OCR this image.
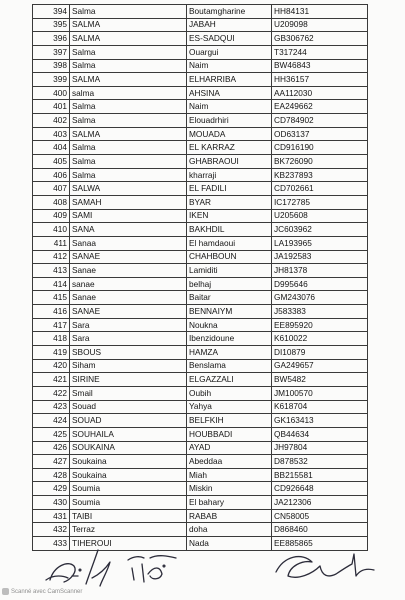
394	Salma	Boutamgharine	HH84131
395	SALMA	JABAH	U209098
396	SALMA	ES-SADQUI	GB306762
397	Salma	Ouargui	T317244
398	Salma	Naim	BW46843
399	SALMA	ELHARRIBA	HH36157
400	salma	AHSINA	AA112030
401	Salma	Naim	EA249662
402	Salma	Elouadrhiri	CD784902
403	SALMA	MOUADA	OD63137
404	Salma	EL KARRAZ	CD916190
405	Salma	GHABRAOUI	BK726090
406	Salma	kharraji	KB237893
407	SALWA	EL FADILI	CD702661
408	SAMAH	BYAR	IC172785
409	SAMI	IKEN	U205608
410	SANA	BAKHDIL	JC603962
411	Sanaa	El hamdaoui	LA193965
412	SANAE	CHAHBOUN	JA192583
413	Sanae	Lamiditi	JH81378
414	sanae	belhaj	D995646
415	Sanae	Baitar	GM243076
416	SANAE	BENNAIYM	J583383
417	Sara	Noukna	EE895920
418	Sara	Ibenzidoune	K610022
419	SBOUS	HAMZA	DI10879
420	Siham	Benslama	GA249657
421	SIRINE	ELGAZZALI	BW5482
422	Smail	Oubih	JM100570
423	Souad	Yahya	K618704
424	SOUAD	BELFKIH	GK163413
425	SOUHAILA	HOUBBADI	QB44634
426	SOUKAINA	AYAD	JH97804
427	Soukaina	Abeddaa	D878532
428	Soukaina	Miah	BB215581
429	Soumia	Miskin	CD926648
430	Soumia	El bahary	JA212306
431	TAIBI	RABAB	CN58005
432	Terraz	doha	D868460
433	TIHEROUI	Nada	EE885865
Scanné avec CamScanner
